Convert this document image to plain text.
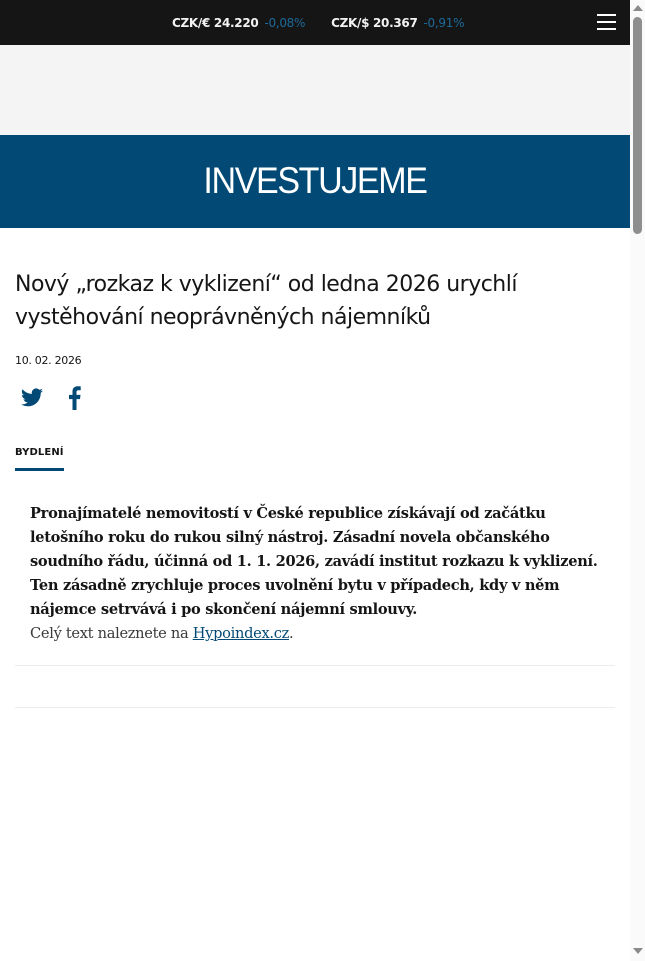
CZK/€ 24.220 -0,08% CZK/$ 20.367 -0,91%
INVESTUJEME
Nový „rozkaz k vyklizení“ od ledna 2026 urychlí vystěhování neoprávněných nájemníků
10. 02. 2026
BYDLENÍ

Pronajímatelé nemovitostí v České republice získávají od začátku letošního roku do rukou silný nástroj. Zásadní novela občanského soudního řádu, účinná od 1. 1. 2026, zavádí institut rozkazu k vyklizení. Ten zásadně zrychluje proces uvolnění bytu v případech, kdy v něm nájemce setrvává i po skončení nájemní smlouvy.

Celý text naleznete na Hypoindex.cz.
